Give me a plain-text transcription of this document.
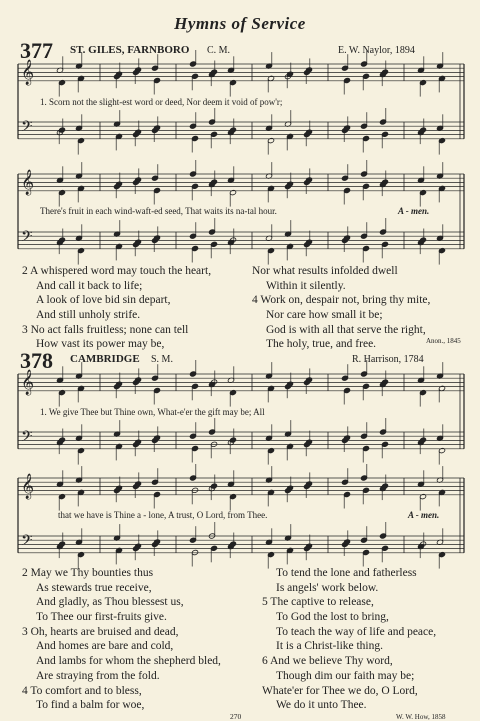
Hymns of Service
377 ST. GILES, FARNBORO C. M.	E. W. Naylor, 1894
𝄞
𝄢
1. Scorn not the slight-est word or deed, Nor deem it void of pow'r;
𝄞
𝄢
There's fruit in each wind-waft-ed seed, That waits its na-tal hour.	A - men.
2 A whispered word may touch the heart,
And call it back to life;
A look of love bid sin depart,
And still unholy strife.
3 No act falls fruitless; none can tell
How vast its power may be,
Nor what results infolded dwell
Within it silently.
4 Work on, despair not, bring thy mite,
Nor care how small it be;
God is with all that serve the right,
The holy, true, and free.	Anon., 1845
378 CAMBRIDGE S. M.	R. Harrison, 1784
𝄞
𝄢
1. We give Thee but Thine own, What-e'er the gift may be; All
𝄞
𝄢
that we have is Thine a - lone, A trust, O Lord, from Thee.	A - men.
2 May we Thy bounties thus
As stewards true receive,
And gladly, as Thou blessest us,
To Thee our first-fruits give.
3 Oh, hearts are bruised and dead,
And homes are bare and cold,
And lambs for whom the shepherd bled,
Are straying from the fold.
4 To comfort and to bless,
To find a balm for woe,
To tend the lone and fatherless
Is angels' work below.
5 The captive to release,
To God the lost to bring,
To teach the way of life and peace,
It is a Christ-like thing.
6 And we believe Thy word,
Though dim our faith may be;
Whate'er for Thee we do, O Lord,
We do it unto Thee.
W. W. How, 1858
270
